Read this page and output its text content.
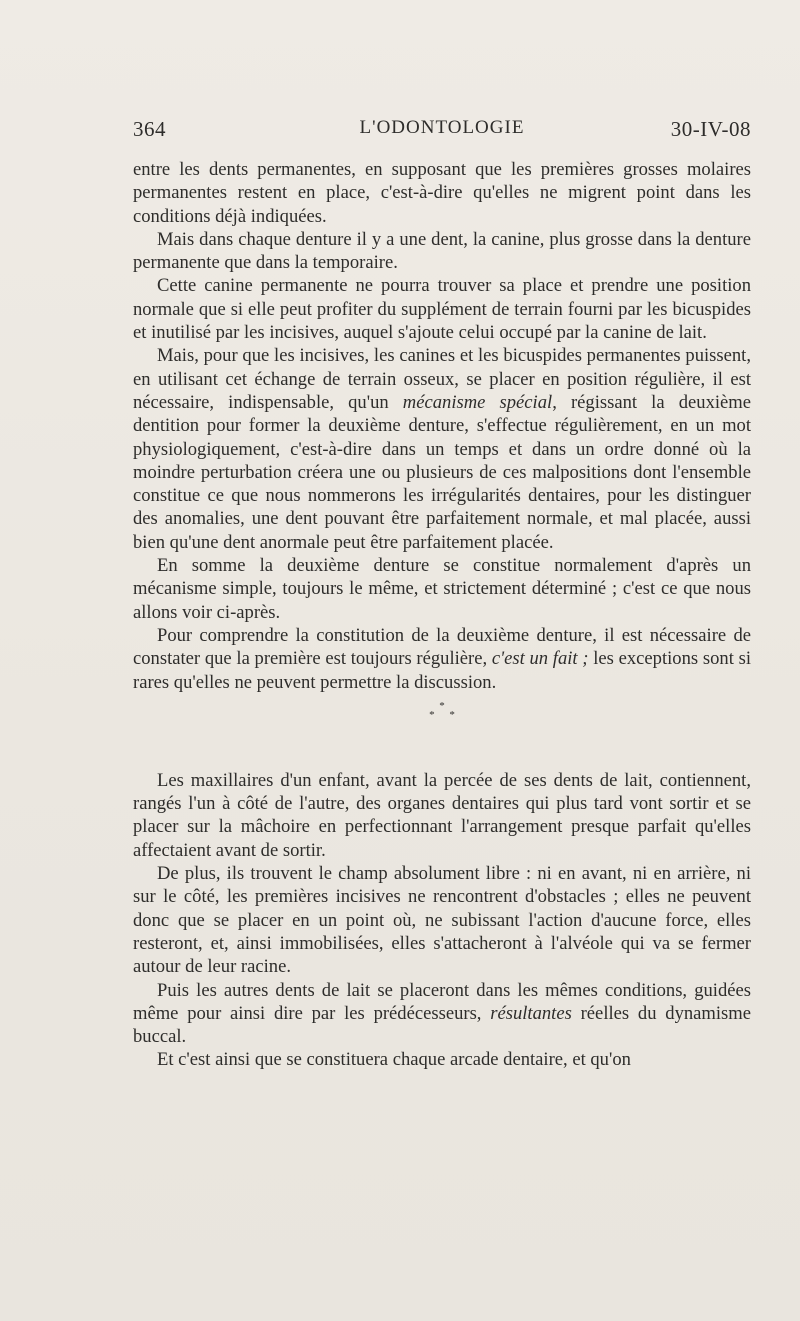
364	L'ODONTOLOGIE	30-IV-08

entre les dents permanentes, en supposant que les premières grosses molaires permanentes restent en place, c'est-à-dire qu'elles ne migrent point dans les conditions déjà indiquées.

Mais dans chaque denture il y a une dent, la canine, plus grosse dans la denture permanente que dans la temporaire.

Cette canine permanente ne pourra trouver sa place et prendre une position normale que si elle peut profiter du supplément de terrain fourni par les bicuspides et inutilisé par les incisives, auquel s'ajoute celui occupé par la canine de lait.

Mais, pour que les incisives, les canines et les bicuspides permanentes puissent, en utilisant cet échange de terrain osseux, se placer en position régulière, il est nécessaire, indispensable, qu'un mécanisme spécial, régissant la deuxième dentition pour former la deuxième denture, s'effectue régulièrement, en un mot physiologiquement, c'est-à-dire dans un temps et dans un ordre donné où la moindre perturbation créera une ou plusieurs de ces malpositions dont l'ensemble constitue ce que nous nommerons les irrégularités dentaires, pour les distinguer des anomalies, une dent pouvant être parfaitement normale, et mal placée, aussi bien qu'une dent anormale peut être parfaitement placée.

En somme la deuxième denture se constitue normalement d'après un mécanisme simple, toujours le même, et strictement déterminé ; c'est ce que nous allons voir ci-après.

Pour comprendre la constitution de la deuxième denture, il est nécessaire de constater que la première est toujours régulière, c'est un fait ; les exceptions sont si rares qu'elles ne peuvent permettre la discussion.

*
* *

Les maxillaires d'un enfant, avant la percée de ses dents de lait, contiennent, rangés l'un à côté de l'autre, des organes dentaires qui plus tard vont sortir et se placer sur la mâchoire en perfectionnant l'arrangement presque parfait qu'elles affectaient avant de sortir.

De plus, ils trouvent le champ absolument libre : ni en avant, ni en arrière, ni sur le côté, les premières incisives ne rencontrent d'obstacles ; elles ne peuvent donc que se placer en un point où, ne subissant l'action d'aucune force, elles resteront, et, ainsi immobilisées, elles s'attacheront à l'alvéole qui va se fermer autour de leur racine.

Puis les autres dents de lait se placeront dans les mêmes conditions, guidées même pour ainsi dire par les prédécesseurs, résultantes réelles du dynamisme buccal.

Et c'est ainsi que se constituera chaque arcade dentaire, et qu'on
